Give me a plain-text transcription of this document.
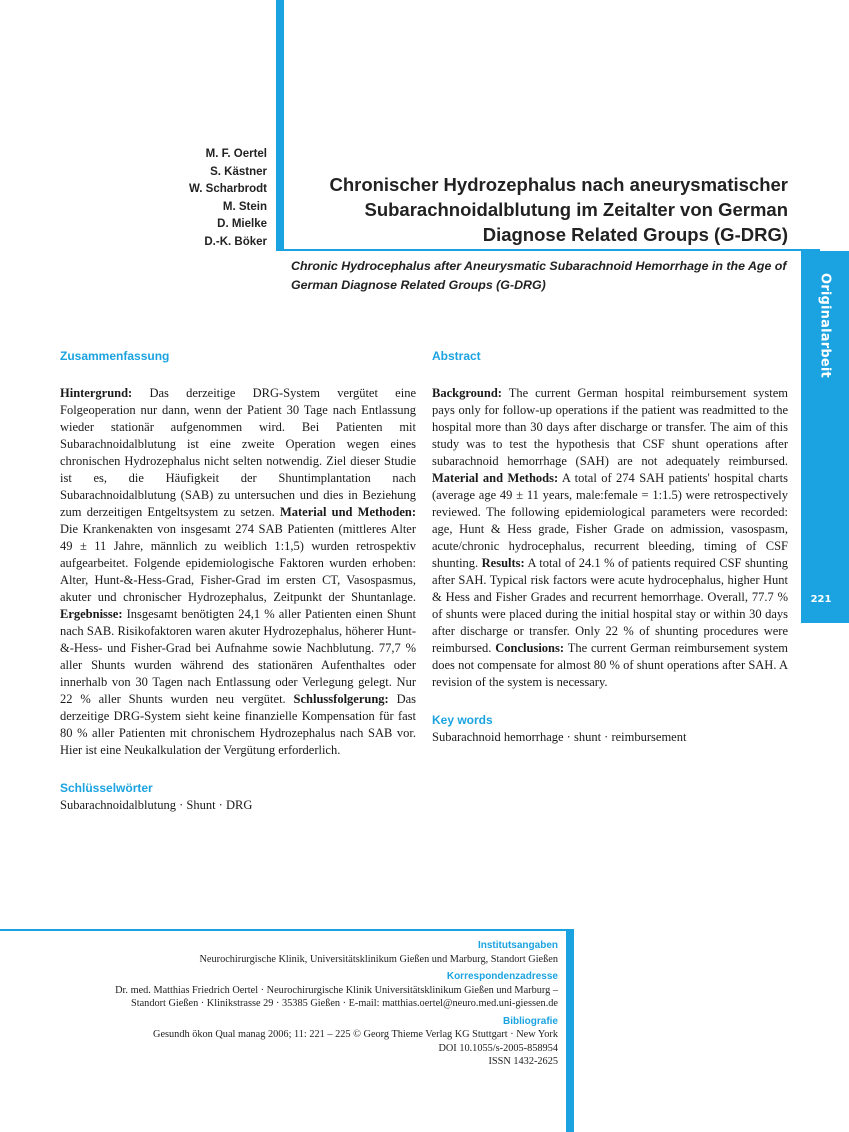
Originalarbeit
221
M. F. Oertel
S. Kästner
W. Scharbrodt
M. Stein
D. Mielke
D.-K. Böker
Chronischer Hydrozephalus nach aneurysmatischer
Subarachnoidalblutung im Zeitalter von German
Diagnose Related Groups (G-DRG)
Chronic Hydrocephalus after Aneurysmatic Subarachnoid Hemorrhage in the Age of German Diagnose Related Groups (G-DRG)
Zusammenfassung
Hintergrund: Das derzeitige DRG-System vergütet eine Folgeoperation nur dann, wenn der Patient 30 Tage nach Entlassung wieder stationär aufgenommen wird. Bei Patienten mit Subarachnoidalblutung ist eine zweite Operation wegen eines chronischen Hydrozephalus nicht selten notwendig. Ziel dieser Studie ist es, die Häufigkeit der Shuntimplantation nach Subarachnoidalblutung (SAB) zu untersuchen und dies in Beziehung zum derzeitigen Entgeltsystem zu setzen. Material und Methoden: Die Krankenakten von insgesamt 274 SAB Patienten (mittleres Alter 49 ± 11 Jahre, männlich zu weiblich 1:1,5) wurden retrospektiv aufgearbeitet. Folgende epidemiologische Faktoren wurden erhoben: Alter, Hunt-&-Hess-Grad, Fisher-Grad im ersten CT, Vasospasmus, akuter und chronischer Hydrozephalus, Zeitpunkt der Shuntanlage. Ergebnisse: Insgesamt benötigten 24,1 % aller Patienten einen Shunt nach SAB. Risikofaktoren waren akuter Hydrozephalus, höherer Hunt-&-Hess- und Fisher-Grad bei Aufnahme sowie Nachblutung. 77,7 % aller Shunts wurden während des stationären Aufenthaltes oder innerhalb von 30 Tagen nach Entlassung oder Verlegung gelegt. Nur 22 % aller Shunts wurden neu vergütet. Schlussfolgerung: Das derzeitige DRG-System sieht keine finanzielle Kompensation für fast 80 % aller Patienten mit chronischem Hydrozephalus nach SAB vor. Hier ist eine Neukalkulation der Vergütung erforderlich.
Schlüsselwörter
Subarachnoidalblutung · Shunt · DRG
Abstract
Background: The current German hospital reimbursement system pays only for follow-up operations if the patient was readmitted to the hospital more than 30 days after discharge or transfer. The aim of this study was to test the hypothesis that CSF shunt operations after subarachnoid hemorrhage (SAH) are not adequately reimbursed. Material and Methods: A total of 274 SAH patients' hospital charts (average age 49 ± 11 years, male:female = 1:1.5) were retrospectively reviewed. The following epidemiological parameters were recorded: age, Hunt & Hess grade, Fisher Grade on admission, vasospasm, acute/chronic hydrocephalus, recurrent bleeding, timing of CSF shunting. Results: A total of 24.1 % of patients required CSF shunting after SAH. Typical risk factors were acute hydrocephalus, higher Hunt & Hess and Fisher Grades and recurrent hemorrhage. Overall, 77.7 % of shunts were placed during the initial hospital stay or within 30 days after discharge or transfer. Only 22 % of shunting procedures were reimbursed. Conclusions: The current German reimbursement system does not compensate for almost 80 % of shunt operations after SAH. A revision of the system is necessary.
Key words
Subarachnoid hemorrhage · shunt · reimbursement
Institutsangaben
Neurochirurgische Klinik, Universitätsklinikum Gießen und Marburg, Standort Gießen
Korrespondenzadresse
Dr. med. Matthias Friedrich Oertel · Neurochirurgische Klinik Universitätsklinikum Gießen und Marburg –
Standort Gießen · Klinikstrasse 29 · 35385 Gießen · E-mail: matthias.oertel@neuro.med.uni-giessen.de
Bibliografie
Gesundh ökon Qual manag 2006; 11: 221 – 225 © Georg Thieme Verlag KG Stuttgart · New York
DOI 10.1055/s-2005-858954
ISSN 1432-2625
